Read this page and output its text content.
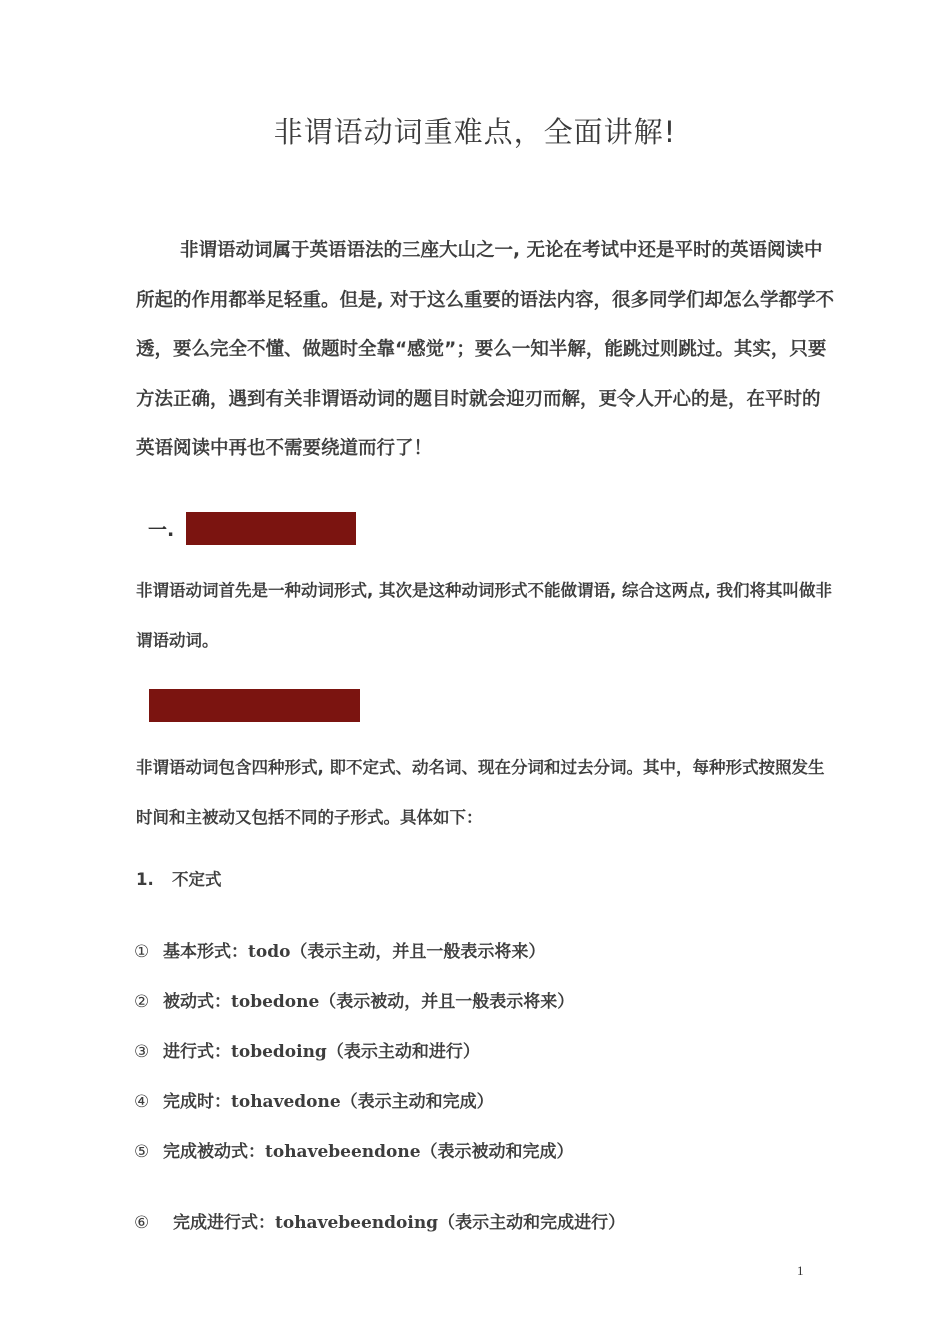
非谓语动词重难点，全面讲解!
非谓语动词属于英语语法的三座大山之一, 无论在考试中还是平时的英语阅读中所起的作用都举足轻重。但是, 对于这么重要的语法内容，很多同学们却怎么学都学不透，要么完全不懂、做题时全靠“感觉”；要么一知半解，能跳过则跳过。其实，只要方法正确，遇到有关非谓语动词的题目时就会迎刃而解，更令人开心的是，在平时的英语阅读中再也不需要绕道而行了！
一.
非谓语动词首先是一种动词形式, 其次是这种动词形式不能做谓语, 综合这两点, 我们将其叫做非谓语动词。
非谓语动词包含四种形式, 即不定式、动名词、现在分词和过去分词。其中，每种形式按照发生时间和主被动又包括不同的子形式。具体如下：
1. 不定式
① 基本形式：todo（表示主动，并且一般表示将来）
② 被动式：tobedone（表示被动，并且一般表示将来）
③ 进行式：tobedoing（表示主动和进行）
④ 完成时：tohavedone（表示主动和完成）
⑤ 完成被动式：tohavebeendone（表示被动和完成）
⑥ 完成进行式：tohavebeendoing（表示主动和完成进行）
1
